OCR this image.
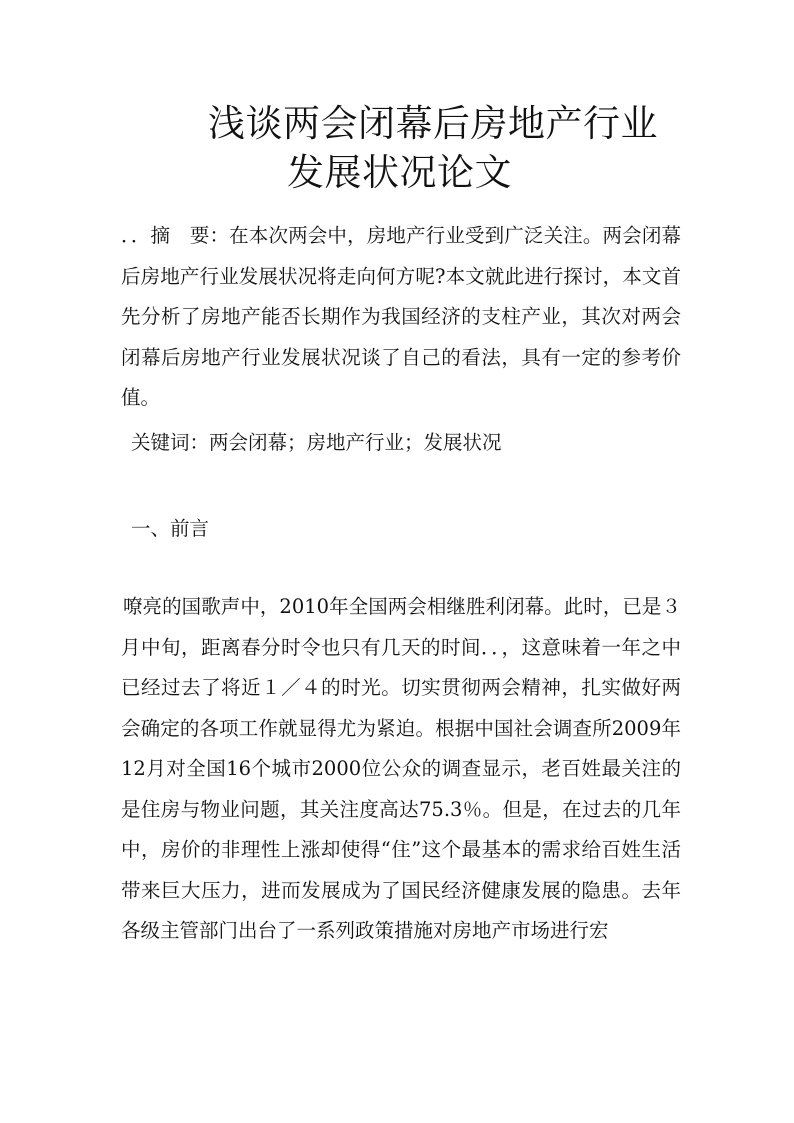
浅谈两会闭幕后房地产行业
发展状况论文

．．摘　要：在本次两会中，房地产行业受到广泛关注。两会闭幕后房地产行业发展状况将走向何方呢?本文就此进行探讨，本文首先分析了房地产能否长期作为我国经济的支柱产业，其次对两会闭幕后房地产行业发展状况谈了自己的看法，具有一定的参考价值。

关键词：两会闭幕；房地产行业；发展状况

一、前言

嘹亮的国歌声中，2010年全国两会相继胜利闭幕。此时，已是３月中旬，距离春分时令也只有几天的时间．．，这意味着一年之中已经过去了将近１／４的时光。切实贯彻两会精神，扎实做好两会确定的各项工作就显得尤为紧迫。根据中国社会调查所2009年12月对全国16个城市2000位公众的调查显示，老百姓最关注的是住房与物业问题，其关注度高达75.3％。但是，在过去的几年中，房价的非理性上涨却使得“住”这个最基本的需求给百姓生活带来巨大压力，进而发展成为了国民经济健康发展的隐患。去年各级主管部门出台了一系列政策措施对房地产市场进行宏
